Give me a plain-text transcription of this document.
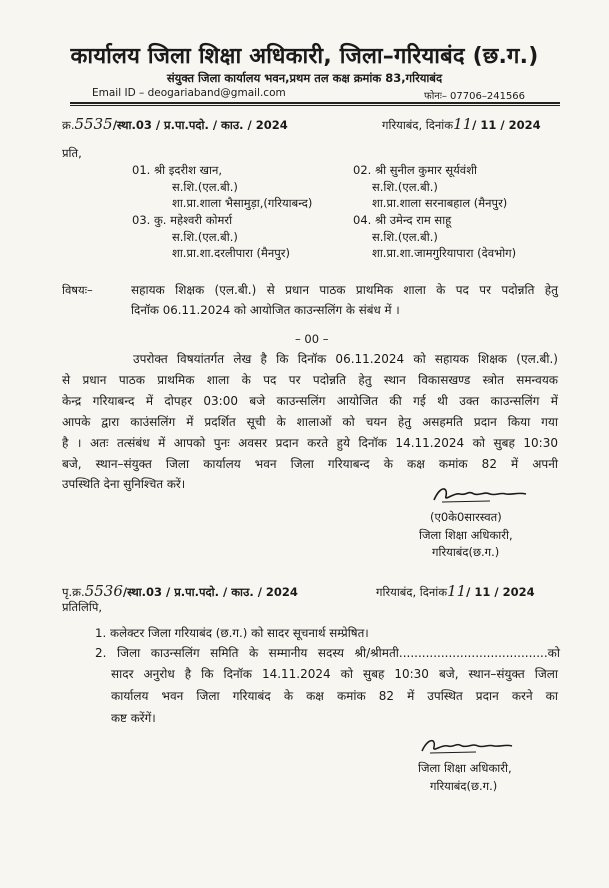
कार्यालय जिला शिक्षा अधिकारी, जिला–गरियाबंद (छ.ग.)
संयुक्त जिला कार्यालय भवन,प्रथम तल कक्ष क्रमांक 83,गरियाबंद
Email ID – deogariaband@gmail.com	फोनः– 07706–241566
क्र.5535/स्था.03 / प्र.पा.पदो. / काउ. / 2024	गरियाबंद, दिनांक11/ 11 / 2024
प्रति,
01. श्री इदरीश खान,
स.शि.(एल.बी.)
शा.प्रा.शाला भैसामुड़ा,(गरियाबन्द)
02. श्री सुनील कुमार सूर्यवंशी
स.शि.(एल.बी.)
शा.प्रा.शाला सरनाबहाल (मैनपुर)
03. कु. महेश्वरी कोमर्रा
स.शि.(एल.बी.)
शा.प्रा.शा.दरलीपारा (मैनपुर)
04. श्री उमेन्द राम साहू
स.शि.(एल.बी.)
शा.प्रा.शा.जामगुरियापारा (देवभोग)
विषयः–	सहायक शिक्षक (एल.बी.) से प्रधान पाठक प्राथमिक शाला के पद पर पदोन्नति हेतु
दिनॉक 06.11.2024 को आयोजित काउन्सलिंग के संबंध में ।
– 00 –
उपरोक्त विषयांतर्गत लेख है कि दिनॉक 06.11.2024 को सहायक शिक्षक (एल.बी.)
से प्रधान पाठक प्राथमिक शाला के पद पर पदोन्नति हेतु स्थान विकासखण्ड स्त्रोत समन्वयक
केन्द्र गरियाबन्द में दोपहर 03:00 बजे काउन्सलिंग आयोजित की गई थी उक्त काउन्सलिंग में
आपके द्वारा काउंसलिंग में प्रदर्शित सूची के शालाओं को चयन हेतु असहमति प्रदान किया गया
है । अतः तत्संबंध में आपको पुनः अवसर प्रदान करते हुये दिनॉक 14.11.2024 को सुबह 10:30
बजे, स्थान–संयुक्त जिला कार्यालय भवन जिला गरियाबन्द के कक्ष कमांक 82 में अपनी
उपस्थिति देना सुनिश्चित करें।
(ए0के0सारस्वत)
जिला शिक्षा अधिकारी,
गरियाबंद(छ.ग.)
पृ.क्र.5536/स्था.03 / प्र.पा.पदो. / काउ. / 2024	गरियाबंद, दिनांक11/ 11 / 2024
प्रतिलिपि,
1. कलेक्टर जिला गरियाबंद (छ.ग.) को सादर सूचनार्थ सम्प्रेषित।
2. जिला काउन्सलिंग समिति के सम्मानीय सदस्य श्री/श्रीमती.......................................को
सादर अनुरोध है कि दिनॉक 14.11.2024 को सुबह 10:30 बजे, स्थान–संयुक्त जिला
कार्यालय भवन जिला गरियाबंद के कक्ष कमांक 82 में उपस्थित प्रदान करने का
कष्ट करेंगें।
जिला शिक्षा अधिकारी,
गरियाबंद(छ.ग.)
